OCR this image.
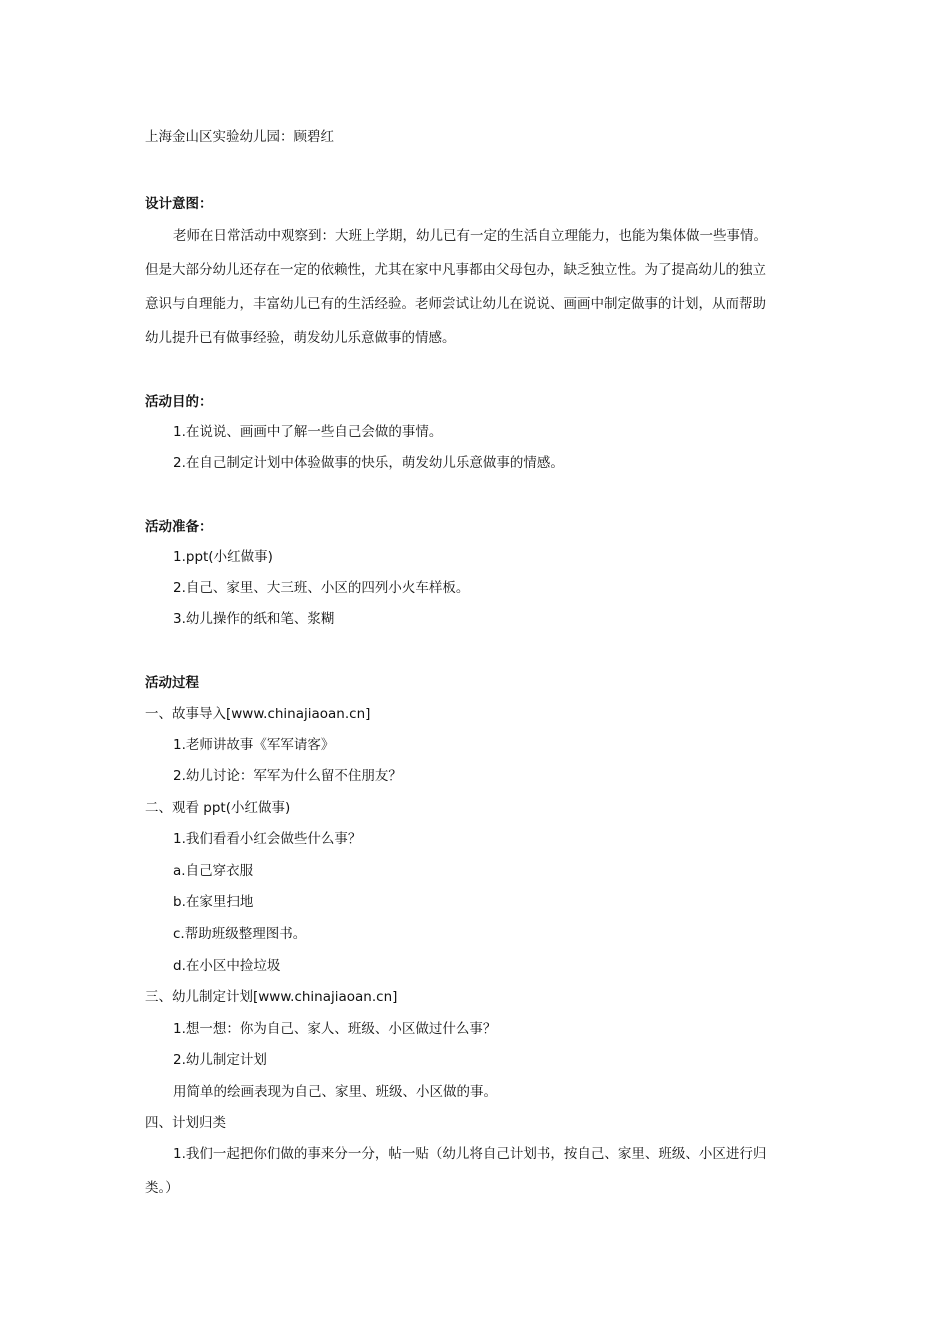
上海金山区实验幼儿园：顾碧红
设计意图：
老师在日常活动中观察到：大班上学期，幼儿已有一定的生活自立理能力，也能为集体做一些事情。
但是大部分幼儿还存在一定的依赖性，尤其在家中凡事都由父母包办，缺乏独立性。为了提高幼儿的独立
意识与自理能力，丰富幼儿已有的生活经验。老师尝试让幼儿在说说、画画中制定做事的计划，从而帮助
幼儿提升已有做事经验，萌发幼儿乐意做事的情感。
活动目的：
1.在说说、画画中了解一些自己会做的事情。
2.在自己制定计划中体验做事的快乐，萌发幼儿乐意做事的情感。
活动准备：
1.ppt(小红做事)
2.自己、家里、大三班、小区的四列小火车样板。
3.幼儿操作的纸和笔、浆糊
活动过程
一、故事导入[www.chinajiaoan.cn]
1.老师讲故事《军军请客》
2.幼儿讨论：军军为什么留不住朋友？
二、观看 ppt(小红做事)
1.我们看看小红会做些什么事？
a.自己穿衣服
b.在家里扫地
c.帮助班级整理图书。
d.在小区中捡垃圾
三、幼儿制定计划[www.chinajiaoan.cn]
1.想一想：你为自己、家人、班级、小区做过什么事？
2.幼儿制定计划
用简单的绘画表现为自己、家里、班级、小区做的事。
四、计划归类
1.我们一起把你们做的事来分一分，帖一贴（幼儿将自己计划书，按自己、家里、班级、小区进行归
类。）
